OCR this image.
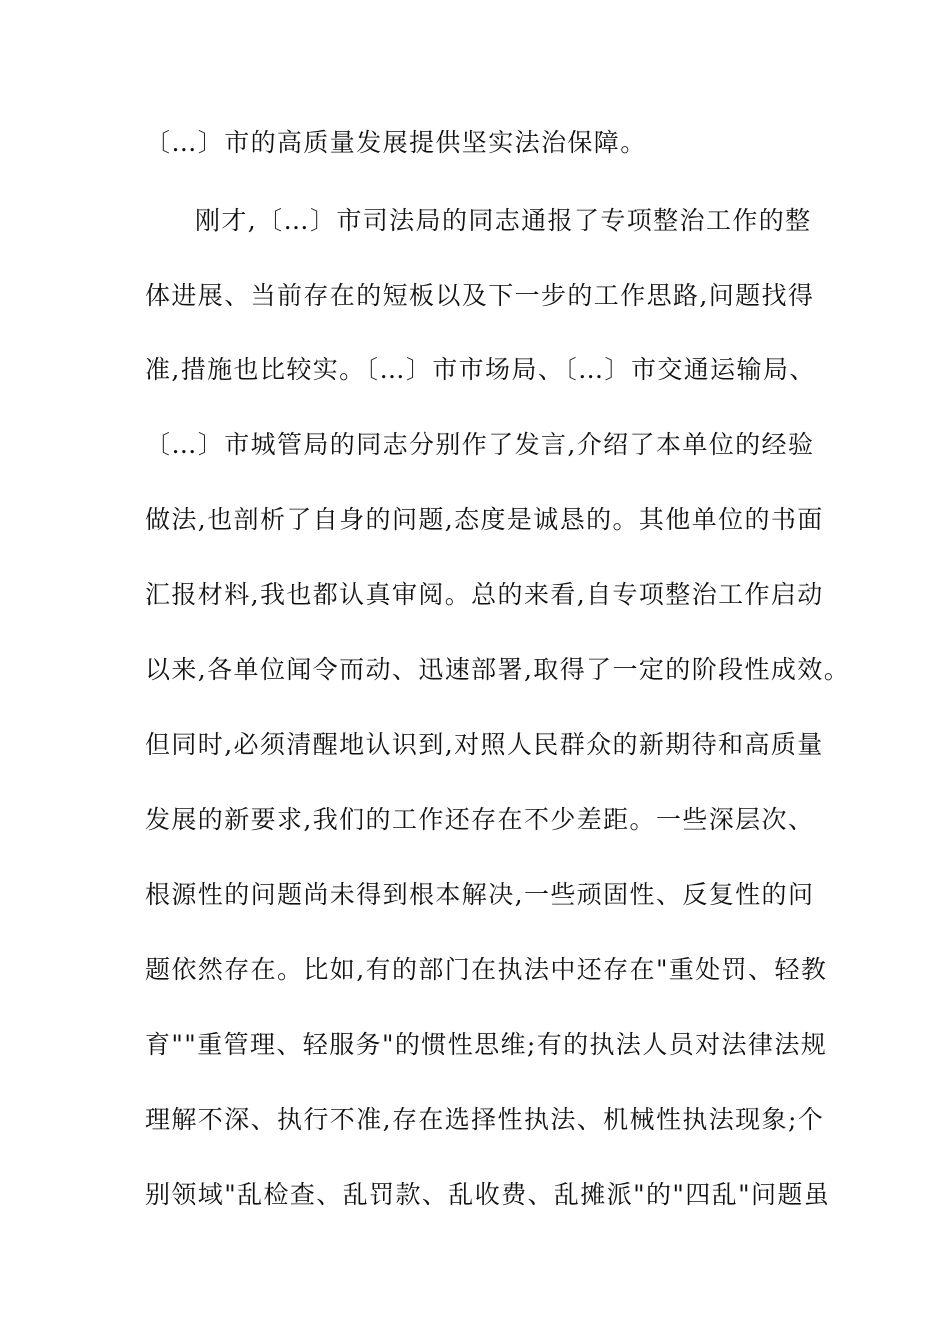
〔…〕市的高质量发展提供坚实法治保障。

刚才,〔…〕市司法局的同志通报了专项整治工作的整

体进展、当前存在的短板以及下一步的工作思路,问题找得

准,措施也比较实。〔…〕市市场局、〔…〕市交通运输局、

〔…〕市城管局的同志分别作了发言,介绍了本单位的经验

做法,也剖析了自身的问题,态度是诚恳的。其他单位的书面

汇报材料,我也都认真审阅。总的来看,自专项整治工作启动

以来,各单位闻令而动、迅速部署,取得了一定的阶段性成效。

但同时,必须清醒地认识到,对照人民群众的新期待和高质量

发展的新要求,我们的工作还存在不少差距。一些深层次、

根源性的问题尚未得到根本解决,一些顽固性、反复性的问

题依然存在。比如,有的部门在执法中还存在"重处罚、轻教

育""重管理、轻服务"的惯性思维;有的执法人员对法律法规

理解不深、执行不准,存在选择性执法、机械性执法现象;个

别领域"乱检查、乱罚款、乱收费、乱摊派"的"四乱"问题虽
